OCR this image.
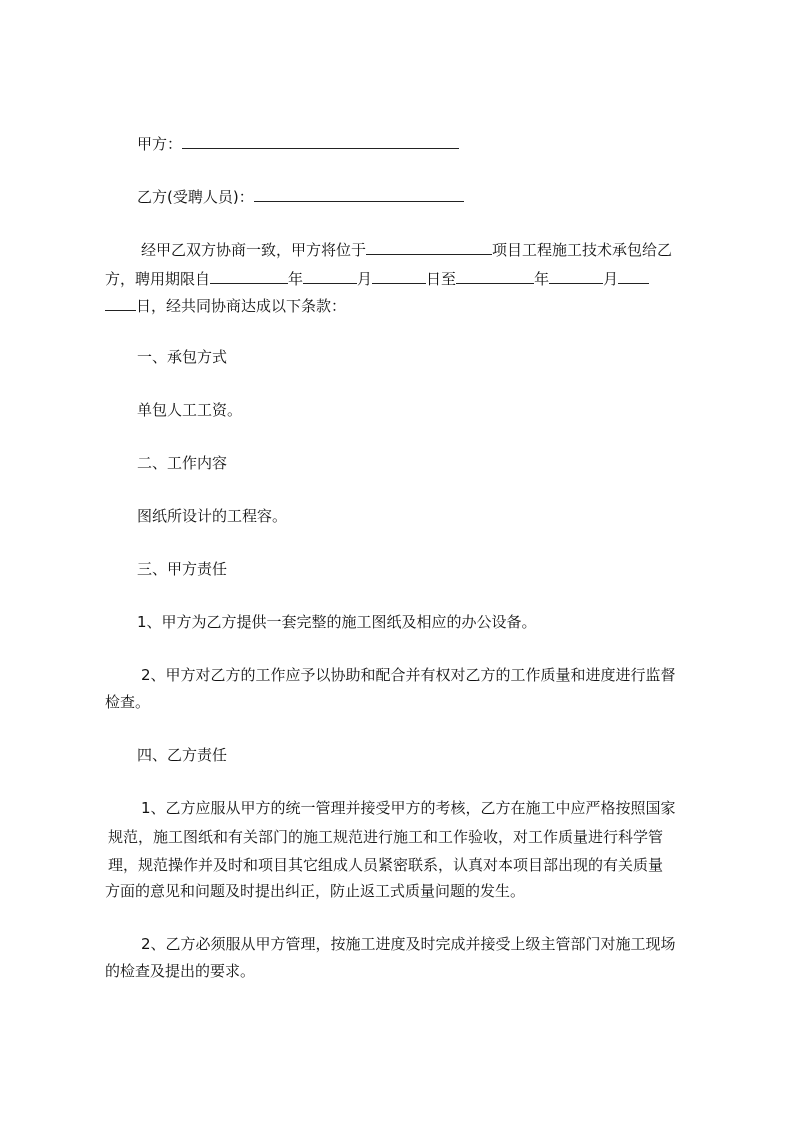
甲方：
乙方(受聘人员)：
经甲乙双方协商一致，甲方将位于	项目工程施工技术承包给乙
方，聘用期限自	年	月	日至	年	月
日，经共同协商达成以下条款：
一、承包方式
单包人工工资。
二、工作内容
图纸所设计的工程容。
三、甲方责任
1、甲方为乙方提供一套完整的施工图纸及相应的办公设备。
2、甲方对乙方的工作应予以协助和配合并有权对乙方的工作质量和进度进行监督
检查。
四、乙方责任
1、乙方应服从甲方的统一管理并接受甲方的考核，乙方在施工中应严格按照国家
规范，施工图纸和有关部门的施工规范进行施工和工作验收，对工作质量进行科学管
理，规范操作并及时和项目其它组成人员紧密联系，认真对本项目部出现的有关质量
方面的意见和问题及时提出纠正，防止返工式质量问题的发生。
2、乙方必须服从甲方管理，按施工进度及时完成并接受上级主管部门对施工现场
的检查及提出的要求。
